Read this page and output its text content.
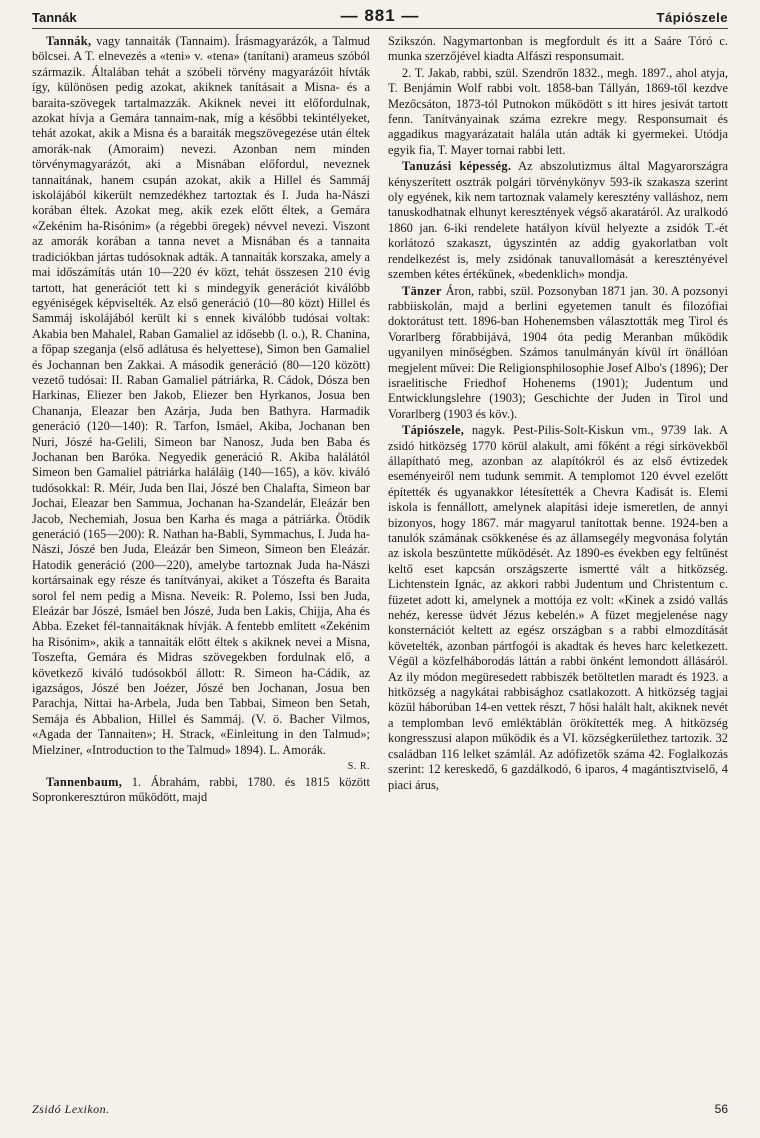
Tannák	— 881 —	Tápiószele

Tannák, vagy tannaiták (Tannaim). Írásmagyarázók, a Talmud bölcsei. A T. elnevezés a «teni» v. «tena» (tanítani) arameus szóból származik. Általában tehát a szóbeli törvény magyarázóit hívták így, különösen pedig azokat, akiknek tanításait a Misna- és a baraita-szövegek tartalmazzák. Akiknek nevei itt előfordulnak, azokat hívja a Gemára tannaim-nak, míg a későbbi tekintélyeket, tehát azokat, akik a Misna és a baraiták megszövegezése után éltek amorák-nak (Amoraim) nevezi. Azonban nem minden törvénymagyarázót, aki a Misnában előfordul, neveznek tannaitának, hanem csupán azokat, akik a Hillel és Sammáj iskolájából kikerült nemzedékhez tartoztak és I. Juda ha-Nászi korában éltek. Azokat meg, akik ezek előtt éltek, a Gemára «Zekénim ha-Risónim» (a régebbi öregek) névvel nevezi. Viszont az amorák korában a tanna nevet a Misnában és a tannaita tradiciókban jártas tudósoknak adták. A tannaiták korszaka, amely a mai időszámítás után 10—220 év közt, tehát összesen 210 évig tartott, hat generációt tett ki s mindegyik generációt kiválóbb egyéniségek képviselték. Az első generáció (10—80 közt) Hillel és Sammáj iskolájából került ki s ennek kiválóbb tudósai voltak: Akabia ben Mahalel, Raban Gamaliel az idősebb (l. o.), R. Chanina, a főpap szeganja (első adlátusa és helyettese), Simon ben Gamaliel és Jochannan ben Zakkai. A második generáció (80—120 között) vezető tudósai: II. Raban Gamaliel pátriárka, R. Cádok, Dósza ben Harkinas, Eliezer ben Jakob, Eliezer ben Hyrkanos, Josua ben Chananja, Eleazar ben Azárja, Juda ben Bathyra. Harmadik generáció (120—140): R. Tarfon, Ismáel, Akiba, Jochanan ben Nuri, Jószé ha-Gelili, Simeon bar Nanosz, Juda ben Baba és Jochanan ben Baróka. Negyedik generáció R. Akiba halálától Simeon ben Gamaliel pátriárka haláláig (140—165), a köv. kiváló tudósokkal: R. Méir, Juda ben Ilai, Jószé ben Chalafta, Simeon bar Jochai, Eleazar ben Sammua, Jochanan ha-Szandelár, Eleázár ben Jacob, Nechemiah, Josua ben Karha és maga a pátriárka. Ötödik generáció (165—200): R. Nathan ha-Babli, Symmachus, I. Juda ha-Nászi, Jószé ben Juda, Eleázár ben Simeon, Simeon ben Eleázár. Hatodik generáció (200—220), amelybe tartoznak Juda ha-Nászi kortársainak egy része és tanítványai, akiket a Tószefta és Baraita sorol fel nem pedig a Misna. Neveik: R. Polemo, Issi ben Juda, Eleázár bar Jószé, Ismáel ben Jószé, Juda ben Lakis, Chijja, Aha és Abba. Ezeket fél-tannaitáknak hívják. A fentebb említett «Zekénim ha Risónim», akik a tannaiták előtt éltek s akiknek nevei a Misna, Toszefta, Gemára és Midras szövegekben fordulnak elő, a következő kiváló tudósokból állott: R. Simeon ha-Cádik, az igazságos, Jószé ben Joézer, Jószé ben Jochanan, Josua ben Parachja, Nittai ha-Arbela, Juda ben Tabbai, Simeon ben Setah, Semája és Abbalion, Hillel és Sammáj. (V. ö. Bacher Vilmos, «Agada der Tannaiten»; H. Strack, «Einleitung in den Talmud»; Mielziner, «Introduction to the Talmud» 1894). L. Amorák.

S. R.

Tannenbaum, 1. Ábrahám, rabbi, 1780. és 1815 között Sopronkeresztúron működött, majd

Szikszón. Nagymartonban is megfordult és itt a Saáre Tóró c. munka szerzőjével kiadta Alfászi responsumait.

2. T. Jakab, rabbi, szül. Szendrőn 1832., megh. 1897., ahol atyja, T. Benjámin Wolf rabbi volt. 1858-ban Tállyán, 1869-től kezdve Mezőcsáton, 1873-tól Putnokon működött s itt hires jesivát tartott fenn. Tanítványainak száma ezrekre megy. Responsumait és aggadikus magyarázatait halála után adták ki gyermekei. Utódja egyik fia, T. Mayer tornai rabbi lett.

Tanuzási képesség. Az abszolutizmus által Magyarországra kényszerített osztrák polgári törvénykönyv 593-ik szakasza szerint oly egyének, kik nem tartoznak valamely keresztény valláshoz, nem tanuskodhatnak elhunyt keresztények végső akaratáról. Az uralkodó 1860 jan. 6-iki rendelete hatályon kívül helyezte a zsidók T.-ét korlátozó szakaszt, úgyszintén az addig gyakorlatban volt rendelkezést is, mely zsidónak tanuvallomását a keresztényével szemben kétes értékűnek, «bedenklich» mondja.

Tänzer Áron, rabbi, szül. Pozsonyban 1871 jan. 30. A pozsonyi rabbiiskolán, majd a berlini egyetemen tanult és filozófiai doktorátust tett. 1896-ban Hohenemsben választották meg Tirol és Vorarlberg főrabbijává, 1904 óta pedig Meranban működik ugyanilyen minőségben. Számos tanulmányán kívül írt önállóan megjelent művei: Die Religionsphilosophie Josef Albo's (1896); Der israelitische Friedhof Hohenems (1901); Judentum und Entwicklungslehre (1903); Geschichte der Juden in Tirol und Vorarlberg (1903 és köv.).

Tápiószele, nagyk. Pest-Pilis-Solt-Kiskun vm., 9739 lak. A zsidó hitközség 1770 körül alakult, ami főként a régi sírkövekből állapítható meg, azonban az alapítókról és az első évtizedek eseményeiről nem tudunk semmit. A templomot 120 évvel ezelőtt építették és ugyanakkor létesítették a Chevra Kadisát is. Elemi iskola is fennállott, amelynek alapítási ideje ismeretlen, de annyi bizonyos, hogy 1867. már magyarul tanítottak benne. 1924-ben a tanulók számának csökkenése és az államsegély megvonása folytán az iskola beszüntette működését. Az 1890-es években egy feltűnést keltő eset kapcsán országszerte ismertté vált a hitközség. Lichtenstein Ignác, az akkori rabbi Judentum und Christentum c. füzetet adott ki, amelynek a mottója ez volt: «Kinek a zsidó vallás nehéz, keresse üdvét Jézus kebelén.» A füzet megjelenése nagy konsternációt keltett az egész országban s a rabbi elmozdítását követelték, azonban pártfogói is akadtak és heves harc keletkezett. Végül a közfelháborodás láttán a rabbi önként lemondott állásáról. Az ily módon megüresedett rabbiszék betöltetlen maradt és 1923. a hitközség a nagykátai rabbisághoz csatlakozott. A hitközség tagjai közül háborúban 14-en vettek részt, 7 hősi halált halt, akiknek nevét a templomban levő emléktáblán örökítették meg. A hitközség kongresszusi alapon működik és a VI. községkerülethez tartozik. 32 családban 116 lelket számlál. Az adófizetők száma 42. Foglalkozás szerint: 12 kereskedő, 6 gazdálkodó, 6 iparos, 4 magántisztviselő, 4 piaci árus,

Zsidó Lexikon.	56
